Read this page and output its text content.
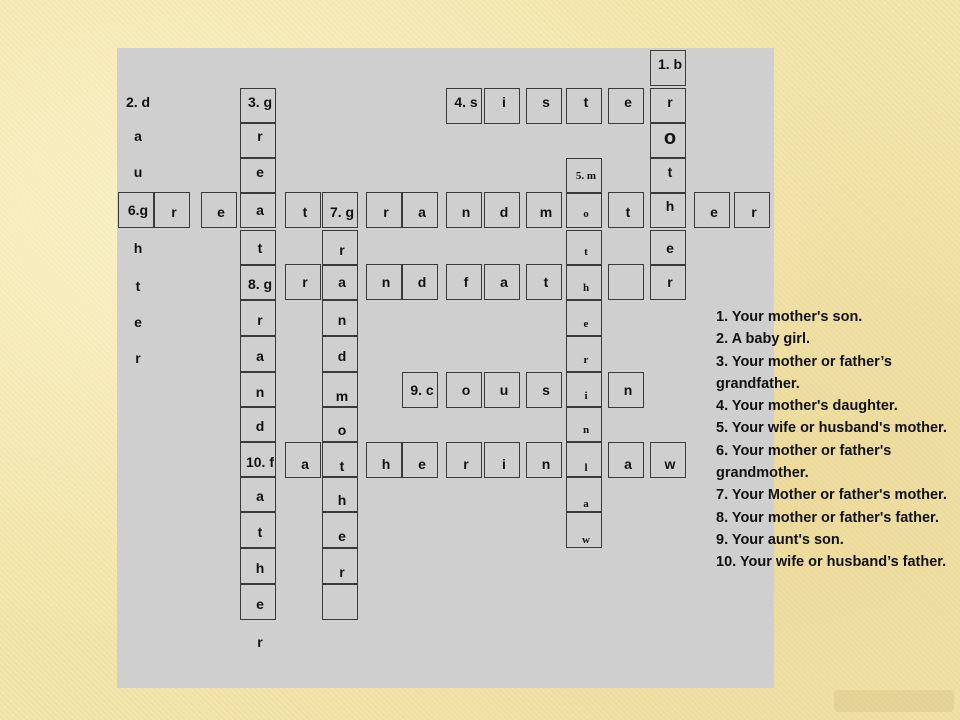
1. b
r
o
t
h
e
r
2. d
a
u
6.g
h
t
e
r
3. g
r
e
a
t
8. g
r
a
n
d
10. f
a
t
h
e
r
4. s	i	s	t	e
5. m
o
t
h
e
r
i
n
l
a
w
r	e	t	7. g	r	a	n	d	m	t	e	r
r
n
d
m
o
t
h
e
r
r	a	n	d	f	a	t
9. c	o	u	s	n
a	h	e	r	i	n	a	w
1. Your mother's son.
2. A baby girl.
3. Your mother or father’s grandfather.
4. Your mother's daughter.
5. Your wife or husband's mother.
6. Your mother or father's grandmother.
7. Your Mother or father's mother.
8. Your mother or father's father.
9. Your aunt's son.
10. Your wife or husband’s father.
